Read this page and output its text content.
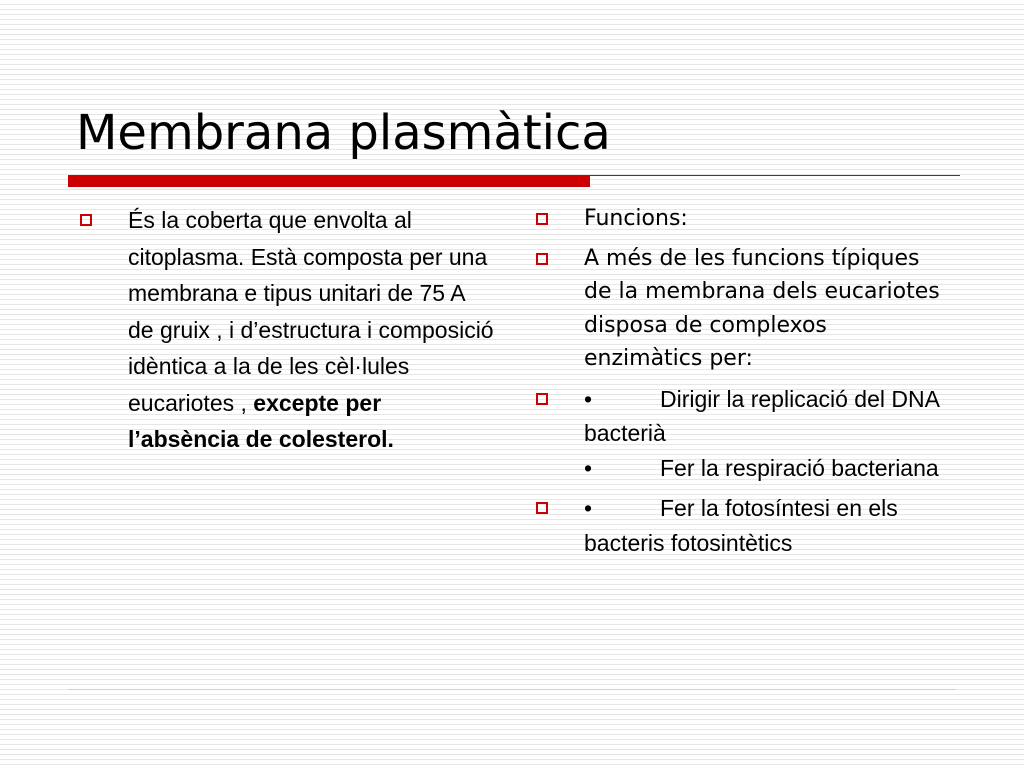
Membrana plasmàtica
És la coberta que envolta al citoplasma. Està composta per una membrana e tipus unitari de 75 A de gruix , i d’estructura i composició idèntica a la de les cèl·lules eucariotes , excepte per l’absència de colesterol.
Funcions:
A més de les funcions típiques de la membrana dels eucariotes disposa de complexos enzimàtics per:
•	Dirigir la replicació del DNA bacterià
•	Fer la respiració bacteriana
•	Fer la fotosíntesi en els bacteris fotosintètics
